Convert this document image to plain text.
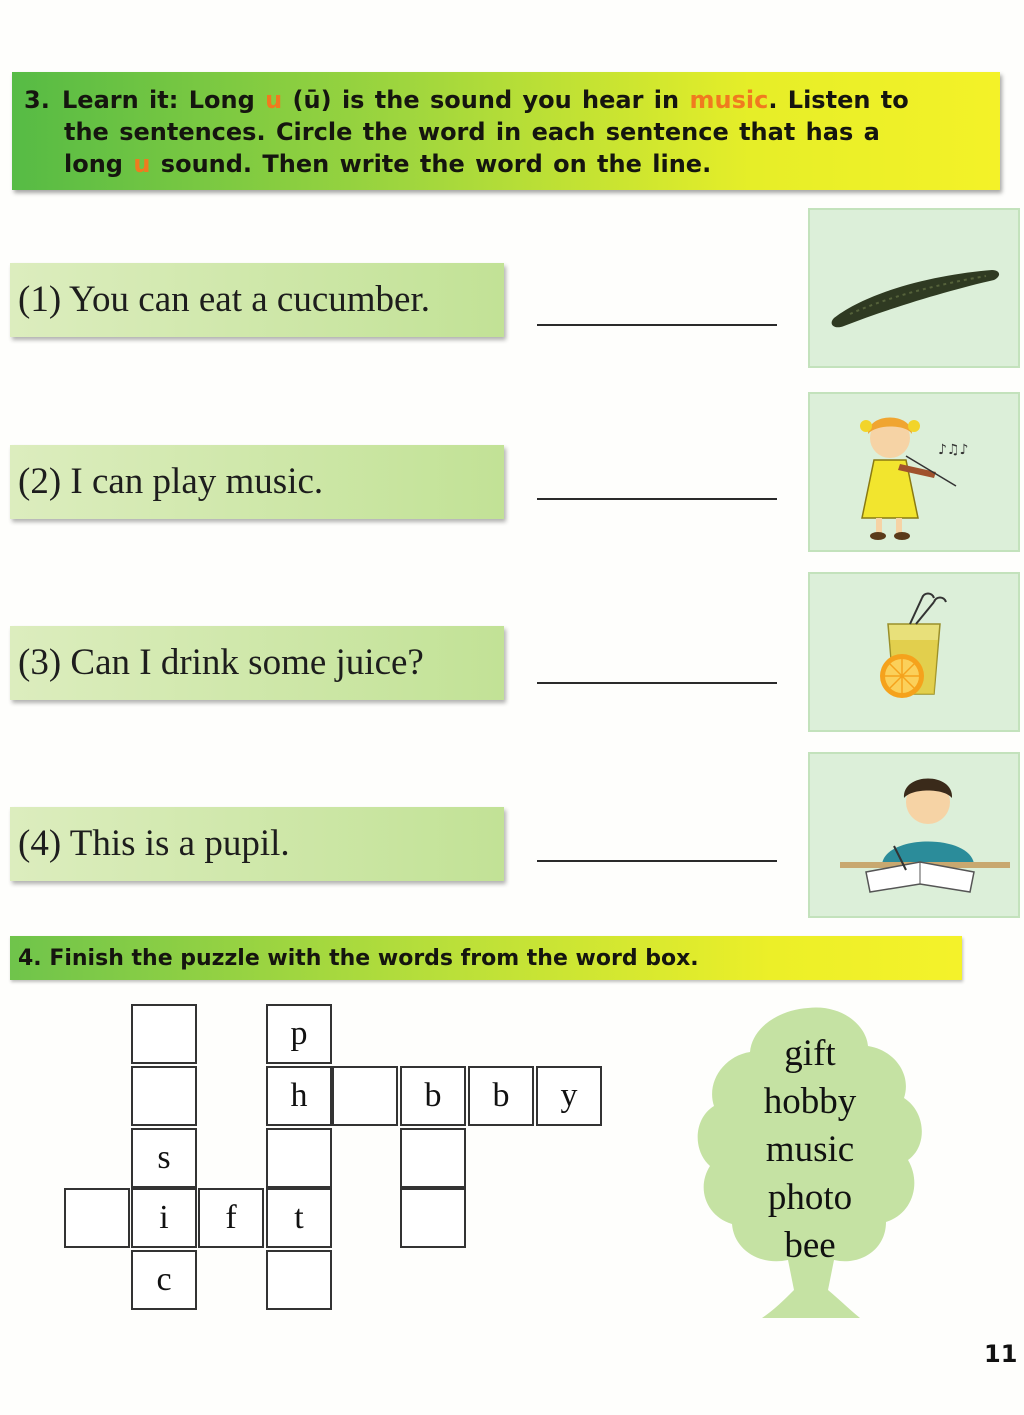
3. Learn it: Long u (ū) is the sound you hear in music. Listen to
the sentences. Circle the word in each sentence that has a
long u sound. Then write the word on the line.
(1) You can eat a cucumber.
(2) I can play music.
(3) Can I drink some juice?
(4) This is a pupil.
♪♫♪
4. Finish the puzzle with the words from the word box.
s
i
c
f
p
h
t
b	b	y
gift
hobby
music
photo
bee
11
